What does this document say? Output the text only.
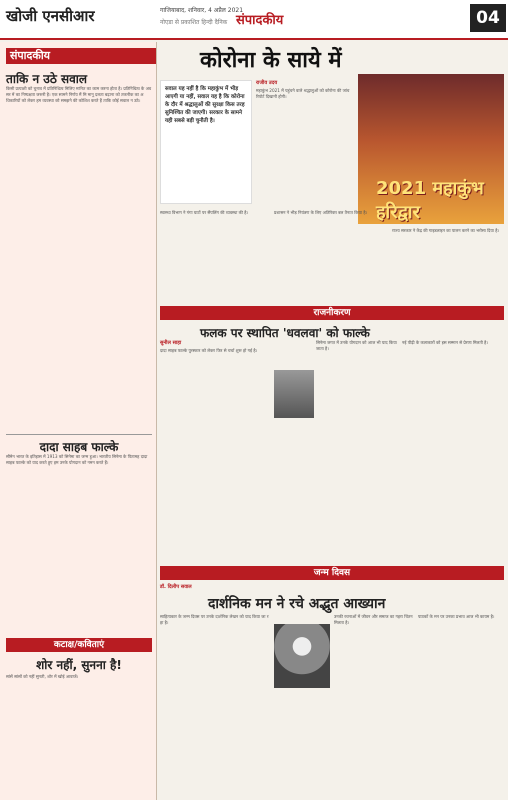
खोजी एनसीआर	गाजियाबाद, शनिवार, 4 अप्रैल 2021
नोएडा से प्रकाशित हिन्दी दैनिक संपादकीय	04
संपादकीय
ताकि न उठे सवाल
किसी प्रत्याशी को चुनाव में प्रतिनिधित्व मिलिए मानित का काम करना होता है। प्रतिनिधित्व के अवसर में का निष्पक्षता जरूरी है। एक सामने निर्णय मैं मि मानू दलता बढ़ाना को तकनीक का अधिकारियों को लेकर हम व्यवस्था को समझने की कोशिश करते हैं ताकि कोई सवाल न उठे।
दादा साहब फाल्के
सीमेन भारत के इतिहास में 1913 को सिनेमा का जन्म हुआ। भारतीय सिनेमा के पितामह दादा साहब फाल्के को याद करते हुए हम उनके योगदान को नमन करते हैं।
कटाक्ष/कविताएं
शोर नहीं, सुनना है!
सांसें सांसों को नहीं सुनती, शोर में खोई आवाजें।
कोरोना के साये में
सवाल यह नहीं है कि महाकुंभ में भीड़ आएगी या नहीं, सवाल यह है कि कोरोना के दौर में श्रद्धालुओं की सुरक्षा किस तरह सुनिश्चित की जाएगी। सरकार के सामने यही सबसे बड़ी चुनौती है।
राजीव उदय
महाकुंभ 2021 में पहुंचने वाले श्रद्धालुओं को कोरोना की जांच रिपोर्ट दिखानी होगी।
2021 महाकुंभ हरिद्वार
स्वास्थ्य विभाग ने गंगा घाटों पर सैंपलिंग की व्यवस्था की है।	प्रशासन ने भीड़ नियंत्रण के लिए अतिरिक्त बल तैनात किया है।
राज्य सरकार ने केंद्र की गाइडलाइन का पालन करने का भरोसा दिया है।
राजनीकरण
फलक पर स्थापित 'धवलवा' को फाल्के
सुनील साहा
दादा साहब फाल्के पुरस्कार को लेकर फिर से चर्चा शुरू हो गई है।
सिनेमा जगत में उनके योगदान को आज भी याद किया जाता है।
नई पीढ़ी के कलाकारों को इस सम्मान से प्रेरणा मिलती है।
जन्म दिवस
डॉ. दिलीप सवाल
दार्शनिक मन ने रचे अद्भुत आख्यान
साहित्यकार के जन्म दिवस पर उनके दार्शनिक लेखन को याद किया जा रहा है।
उनकी रचनाओं में जीवन और समाज का गहरा चिंतन मिलता है।
पाठकों के मन पर उनका प्रभाव आज भी कायम है।
